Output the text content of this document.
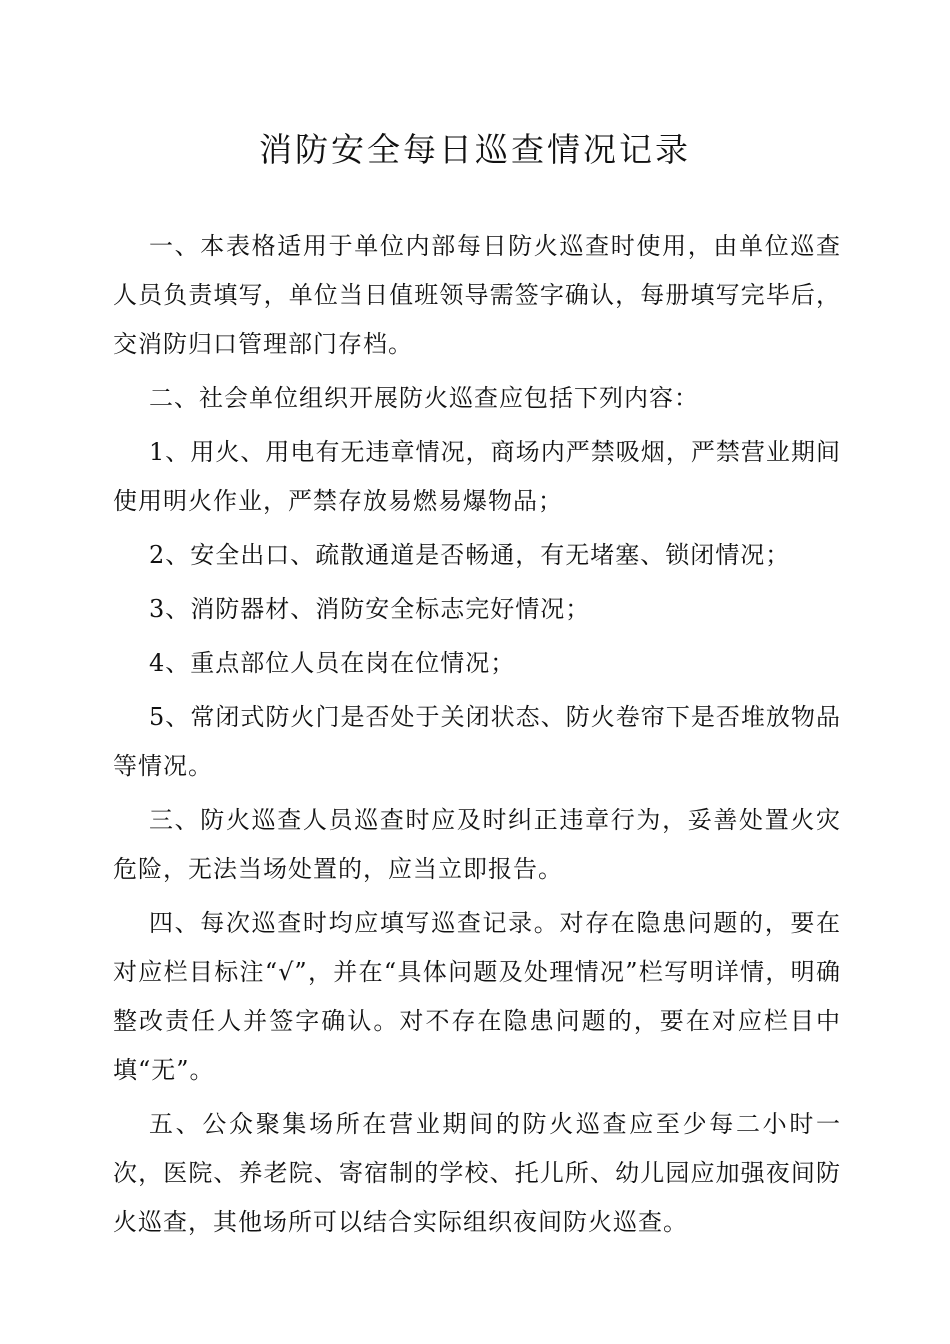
消防安全每日巡查情况记录

一、本表格适用于单位内部每日防火巡查时使用，由单位巡查人员负责填写，单位当日值班领导需签字确认，每册填写完毕后，交消防归口管理部门存档。

二、社会单位组织开展防火巡查应包括下列内容：

1、用火、用电有无违章情况，商场内严禁吸烟，严禁营业期间使用明火作业，严禁存放易燃易爆物品；

2、安全出口、疏散通道是否畅通，有无堵塞、锁闭情况；

3、消防器材、消防安全标志完好情况；

4、重点部位人员在岗在位情况；

5、常闭式防火门是否处于关闭状态、防火卷帘下是否堆放物品等情况。

三、防火巡查人员巡查时应及时纠正违章行为，妥善处置火灾危险，无法当场处置的，应当立即报告。

四、每次巡查时均应填写巡查记录。对存在隐患问题的，要在对应栏目标注“√”，并在“具体问题及处理情况”栏写明详情，明确整改责任人并签字确认。对不存在隐患问题的，要在对应栏目中填“无”。

五、公众聚集场所在营业期间的防火巡查应至少每二小时一次，医院、养老院、寄宿制的学校、托儿所、幼儿园应加强夜间防火巡查，其他场所可以结合实际组织夜间防火巡查。
